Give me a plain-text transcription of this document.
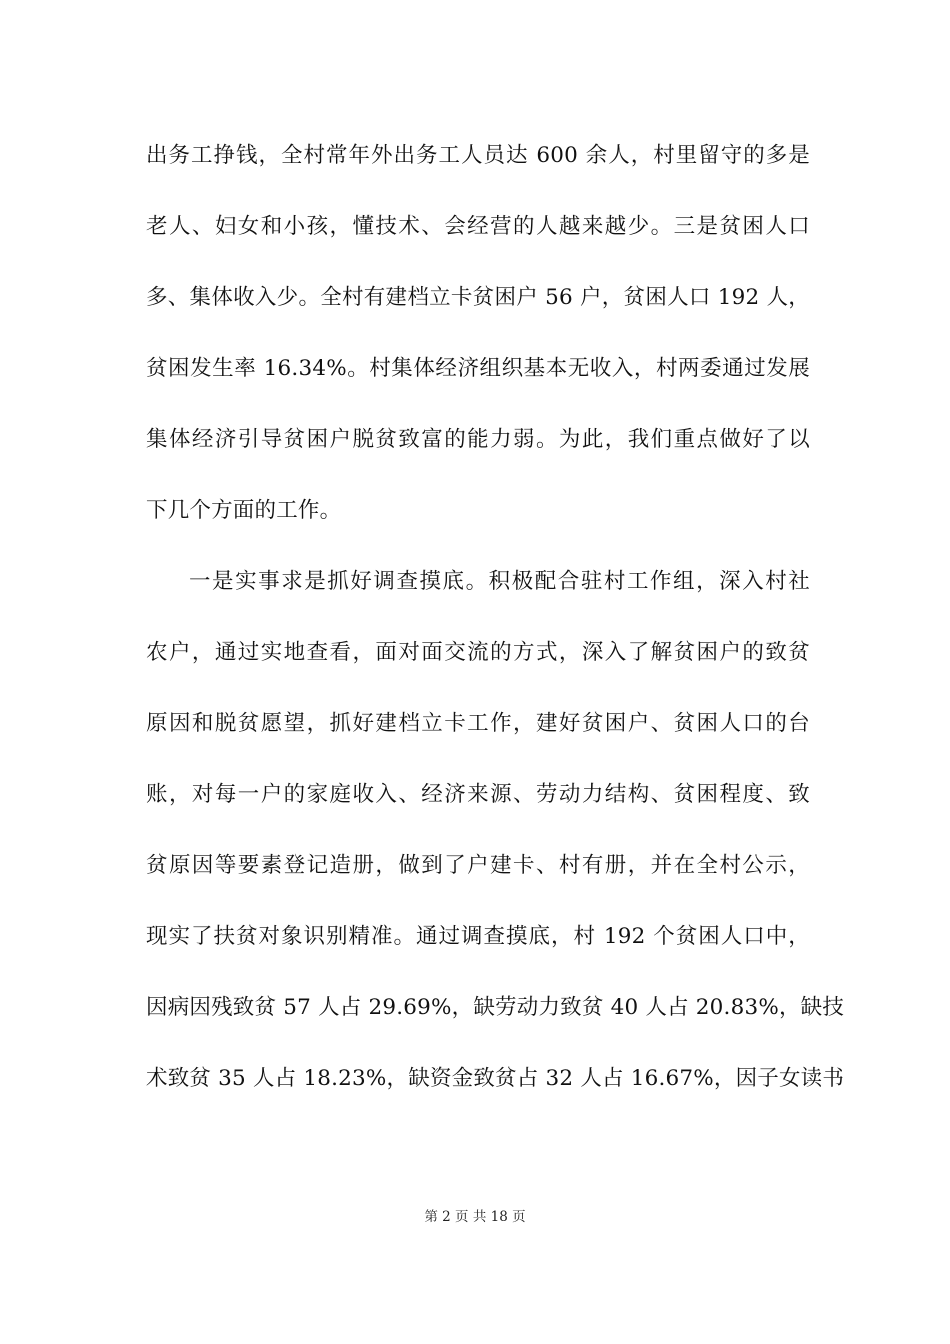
出务工挣钱，全村常年外出务工人员达 600 余人，村里留守的多是
老人、妇女和小孩，懂技术、会经营的人越来越少。三是贫困人口
多、集体收入少。全村有建档立卡贫困户 56 户，贫困人口 192 人，
贫困发生率 16.34%。村集体经济组织基本无收入，村两委通过发展
集体经济引导贫困户脱贫致富的能力弱。为此，我们重点做好了以
下几个方面的工作。
一是实事求是抓好调查摸底。积极配合驻村工作组，深入村社
农户，通过实地查看，面对面交流的方式，深入了解贫困户的致贫
原因和脱贫愿望，抓好建档立卡工作，建好贫困户、贫困人口的台
账，对每一户的家庭收入、经济来源、劳动力结构、贫困程度、致
贫原因等要素登记造册，做到了户建卡、村有册，并在全村公示，
现实了扶贫对象识别精准。通过调查摸底，村 192 个贫困人口中，
因病因残致贫 57 人占 29.69%，缺劳动力致贫 40 人占 20.83%，缺技
术致贫 35 人占 18.23%，缺资金致贫占 32 人占 16.67%，因子女读书
第 2 页 共 18 页
